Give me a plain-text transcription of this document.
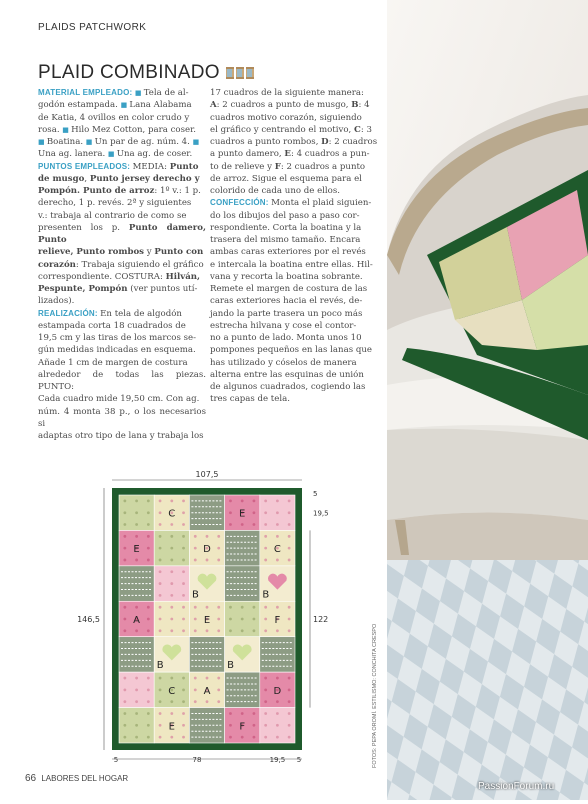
PLAIDS PATCHWORK
PLAID COMBINADO
MATERIAL EMPLEADO: ■ Tela de al-
godón estampada. ■ Lana Alabama
de Katia, 4 ovillos en color crudo y
rosa. ■ Hilo Mez Cotton, para coser.
■ Boatina. ■ Un par de ag. núm. 4. ■
Una ag. lanera. ■ Una ag. de coser.
PUNTOS EMPLEADOS: MEDIA: Punto
de musgo, Punto jersey derecho y
Pompón. Punto de arroz: 1º v.: 1 p.
derecho, 1 p. revés. 2ª y siguientes
v.: trabaja al contrario de como se
presenten los p. Punto damero, Punto
relieve, Punto rombos y Punto con
corazón: Trabaja siguiendo el gráfico
correspondiente. COSTURA: Hilván,
Pespunte, Pompón (ver puntos utí-
lizados).
REALIZACIÓN: En tela de algodón
estampada corta 18 cuadrados de
19,5 cm y las tiras de los marcos se-
gún medidas indicadas en esquema.
Añade 1 cm de margen de costura
alrededor de todas las piezas. PUNTO:
Cada cuadro mide 19,50 cm. Con ag.
núm. 4 monta 38 p., o los necesarios si
adaptas otro tipo de lana y trabaja los
17 cuadros de la siguiente manera:
A: 2 cuadros a punto de musgo, B: 4
cuadros motivo corazón, siguiendo
el gráfico y centrando el motivo, C: 3
cuadros a punto rombos, D: 2 cuadros
a punto damero, E: 4 cuadros a pun-
to de relieve y F: 2 cuadros a punto
de arroz. Sigue el esquema para el
colorido de cada uno de ellos.
CONFECCIÓN: Monta el plaid siguien-
do los dibujos del paso a paso cor-
respondiente. Corta la boatina y la
trasera del mismo tamaño. Encara
ambas caras exteriores por el revés
e intercala la boatina entre ellas. Hil-
vana y recorta la boatina sobrante.
Remete el margen de costura de las
caras exteriores hacia el revés, de-
jando la parte trasera un poco más
estrecha hilvana y cose el contor-
no a punto de lado. Monta unos 10
pompones pequeños en las lanas que
has utilizado y cóselos de manera
alterna entre las esquinas de unión
de algunos cuadrados, cogiendo las
tres capas de tela.
C	E
E	D	C
B	B
A	E	F
B	B
C	A	D
E	F
107,5
146,5	122
5
19,5
5	78	19,5 5	FOTOS: PEPA OROMÍ. ESTILISMO: CONCHITA CRESPO
66 LABORES DEL HOGAR
PassionForum.ru
